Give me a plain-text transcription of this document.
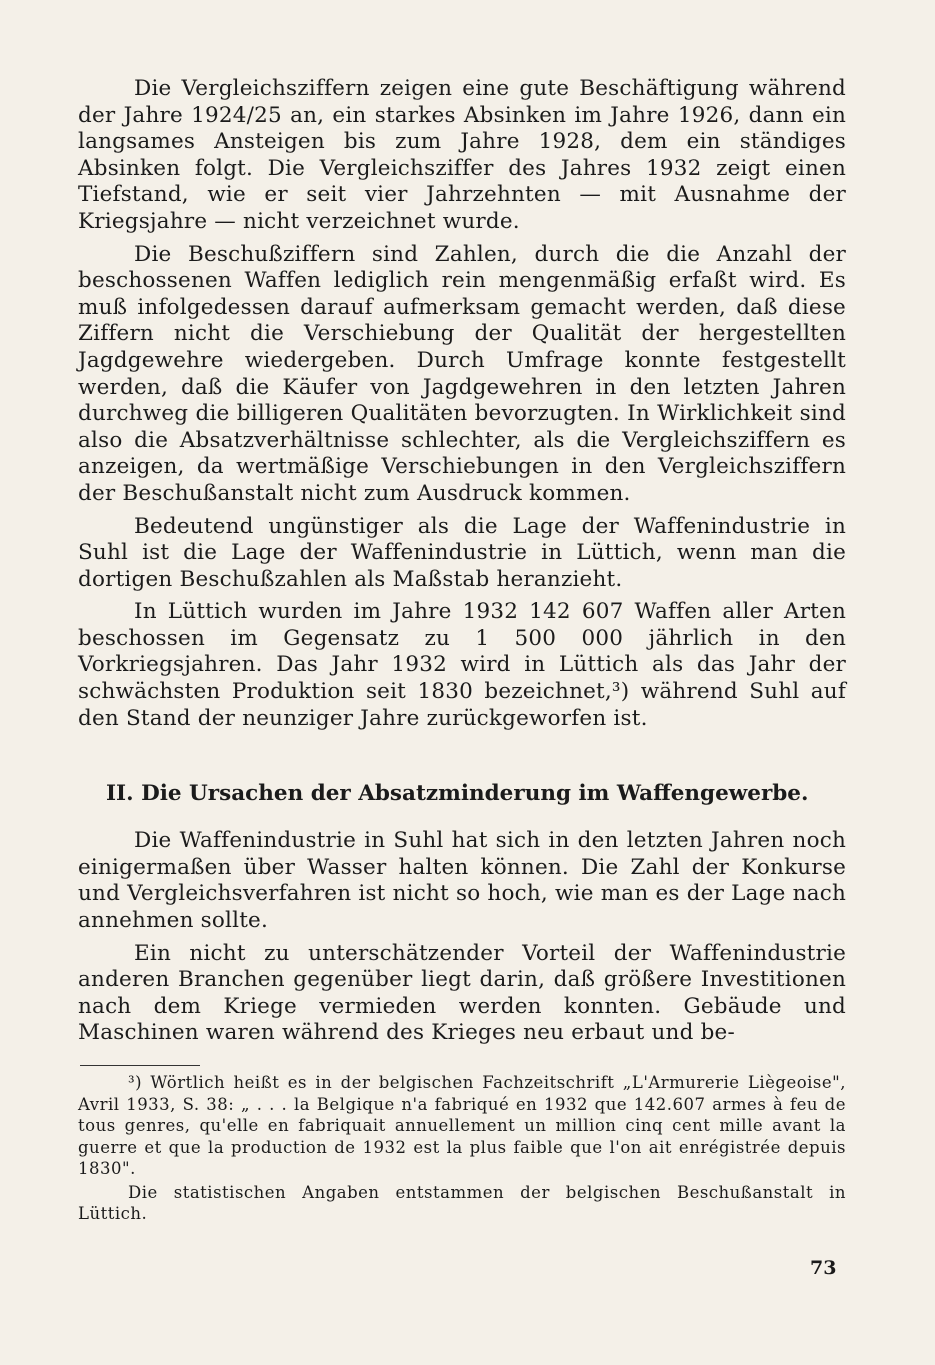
Die Vergleichsziffern zeigen eine gute Beschäftigung während der Jahre 1924/25 an, ein starkes Absinken im Jahre 1926, dann ein langsames Ansteigen bis zum Jahre 1928, dem ein ständiges Absinken folgt. Die Vergleichsziffer des Jahres 1932 zeigt einen Tiefstand, wie er seit vier Jahrzehnten — mit Ausnahme der Kriegsjahre — nicht verzeichnet wurde.

Die Beschußziffern sind Zahlen, durch die die Anzahl der beschossenen Waffen lediglich rein mengenmäßig erfaßt wird. Es muß infolgedessen darauf aufmerksam gemacht werden, daß diese Ziffern nicht die Verschiebung der Qualität der hergestellten Jagdgewehre wiedergeben. Durch Umfrage konnte festgestellt werden, daß die Käufer von Jagdgewehren in den letzten Jahren durchweg die billigeren Qualitäten bevorzugten. In Wirklichkeit sind also die Absatzverhältnisse schlechter, als die Vergleichsziffern es anzeigen, da wertmäßige Verschiebungen in den Vergleichsziffern der Beschußanstalt nicht zum Ausdruck kommen.

Bedeutend ungünstiger als die Lage der Waffenindustrie in Suhl ist die Lage der Waffenindustrie in Lüttich, wenn man die dortigen Beschußzahlen als Maßstab heranzieht.

In Lüttich wurden im Jahre 1932 142 607 Waffen aller Arten beschossen im Gegensatz zu 1 500 000 jährlich in den Vorkriegsjahren. Das Jahr 1932 wird in Lüttich als das Jahr der schwächsten Produktion seit 1830 bezeichnet,³) während Suhl auf den Stand der neunziger Jahre zurückgeworfen ist.

II. Die Ursachen der Absatzminderung im Waffengewerbe.

Die Waffenindustrie in Suhl hat sich in den letzten Jahren noch einigermaßen über Wasser halten können. Die Zahl der Konkurse und Vergleichsverfahren ist nicht so hoch, wie man es der Lage nach annehmen sollte.

Ein nicht zu unterschätzender Vorteil der Waffenindustrie anderen Branchen gegenüber liegt darin, daß größere Investitionen nach dem Kriege vermieden werden konnten. Gebäude und Maschinen waren während des Krieges neu erbaut und be-

³) Wörtlich heißt es in der belgischen Fachzeitschrift „L'Armurerie Liègeoise", Avril 1933, S. 38: „ . . . la Belgique n'a fabriqué en 1932 que 142.607 armes à feu de tous genres, qu'elle en fabriquait annuellement un million cinq cent mille avant la guerre et que la production de 1932 est la plus faible que l'on ait enrégistrée depuis 1830".

Die statistischen Angaben entstammen der belgischen Beschußanstalt in Lüttich.

73
